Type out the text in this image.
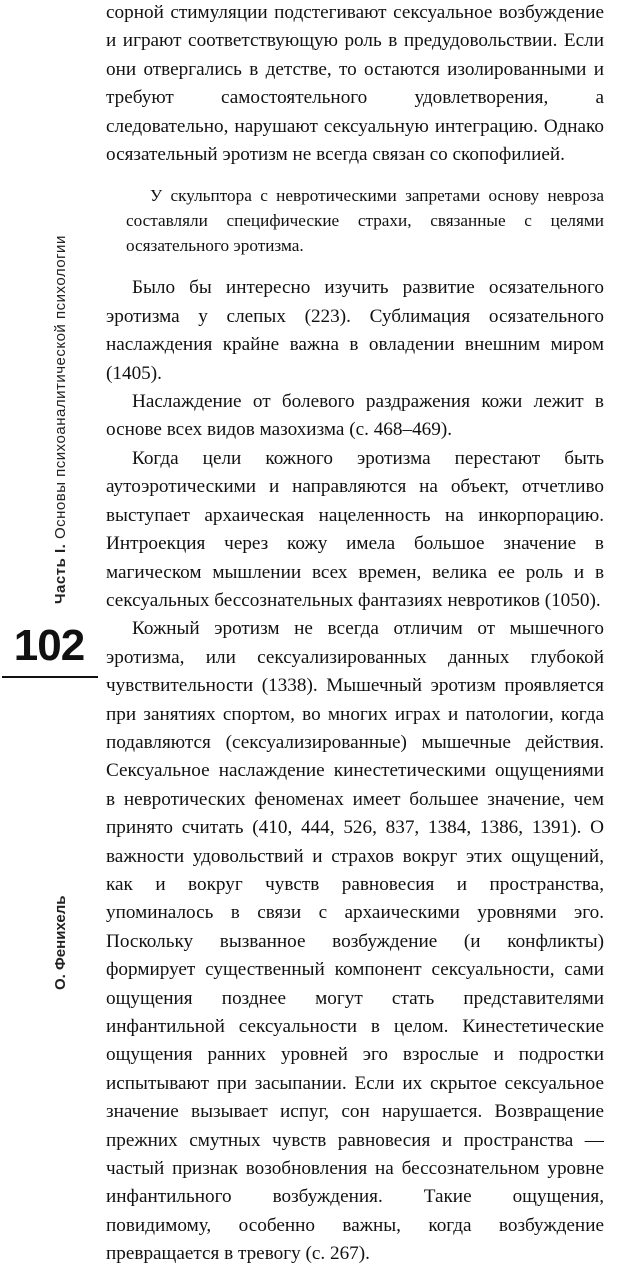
Часть I. Основы психоаналитической психологии
102
О. Фенихель

сорной стимуляции подстегивают сексуальное возбуждение и играют соответствующую роль в предудовольствии. Если они отвергались в детстве, то остаются изолированными и требуют самостоятельного удовлетворения, а следовательно, нарушают сексуальную интеграцию. Однако осязательный эротизм не всегда связан со скопофилией.

У скульптора с невротическими запретами основу невроза составляли специфические страхи, связанные с целями осязательного эротизма.

Было бы интересно изучить развитие осязательного эротизма у слепых (223). Сублимация осязательного наслаждения крайне важна в овладении внешним миром (1405).

Наслаждение от болевого раздражения кожи лежит в основе всех видов мазохизма (с. 468–469).

Когда цели кожного эротизма перестают быть аутоэротическими и направляются на объект, отчетливо выступает архаическая нацеленность на инкорпорацию. Интроекция через кожу имела большое значение в магическом мышлении всех времен, велика ее роль и в сексуальных бессознательных фантазиях невротиков (1050).

Кожный эротизм не всегда отличим от мышечного эротизма, или сексуализированных данных глубокой чувствительности (1338). Мышечный эротизм проявляется при занятиях спортом, во многих играх и патологии, когда подавляются (сексуализированные) мышечные действия. Сексуальное наслаждение кинестетическими ощущениями в невротических феноменах имеет большее значение, чем принято считать (410, 444, 526, 837, 1384, 1386, 1391). О важности удовольствий и страхов вокруг этих ощущений, как и вокруг чувств равновесия и пространства, упоминалось в связи с архаическими уровнями эго. Поскольку вызванное возбуждение (и конфликты) формирует существенный компонент сексуальности, сами ощущения позднее могут стать представителями инфантильной сексуальности в целом. Кинестетические ощущения ранних уровней эго взрослые и подростки испытывают при засыпании. Если их скрытое сексуальное значение вызывает испуг, сон нарушается. Возвращение прежних смутных чувств равновесия и пространства — частый признак возобновления на бессознательном уровне инфантильного возбуждения. Такие ощущения, повидимому, особенно важны, когда возбуждение превращается в тревогу (с. 267).
